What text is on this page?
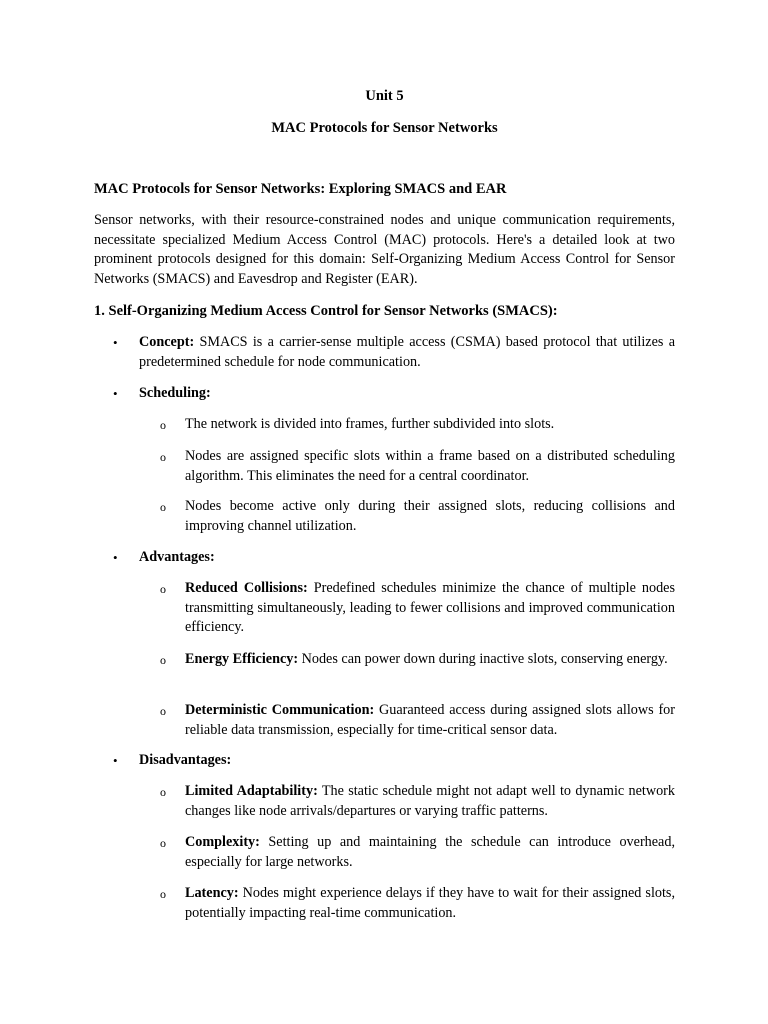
Unit 5
MAC Protocols for Sensor Networks
MAC Protocols for Sensor Networks: Exploring SMACS and EAR

Sensor networks, with their resource-constrained nodes and unique communication requirements, necessitate specialized Medium Access Control (MAC) protocols. Here's a detailed look at two prominent protocols designed for this domain: Self-Organizing Medium Access Control for Sensor Networks (SMACS) and Eavesdrop and Register (EAR).

1. Self-Organizing Medium Access Control for Sensor Networks (SMACS):
• Concept: SMACS is a carrier-sense multiple access (CSMA) based protocol that utilizes a predetermined schedule for node communication.
• Scheduling:
o The network is divided into frames, further subdivided into slots.
o Nodes are assigned specific slots within a frame based on a distributed scheduling algorithm. This eliminates the need for a central coordinator.
o Nodes become active only during their assigned slots, reducing collisions and improving channel utilization.
• Advantages:
o Reduced Collisions: Predefined schedules minimize the chance of multiple nodes transmitting simultaneously, leading to fewer collisions and improved communication efficiency.
o Energy Efficiency: Nodes can power down during inactive slots, conserving energy.
o Deterministic Communication: Guaranteed access during assigned slots allows for reliable data transmission, especially for time-critical sensor data.
• Disadvantages:
o Limited Adaptability: The static schedule might not adapt well to dynamic network changes like node arrivals/departures or varying traffic patterns.
o Complexity: Setting up and maintaining the schedule can introduce overhead, especially for large networks.
o Latency: Nodes might experience delays if they have to wait for their assigned slots, potentially impacting real-time communication.
